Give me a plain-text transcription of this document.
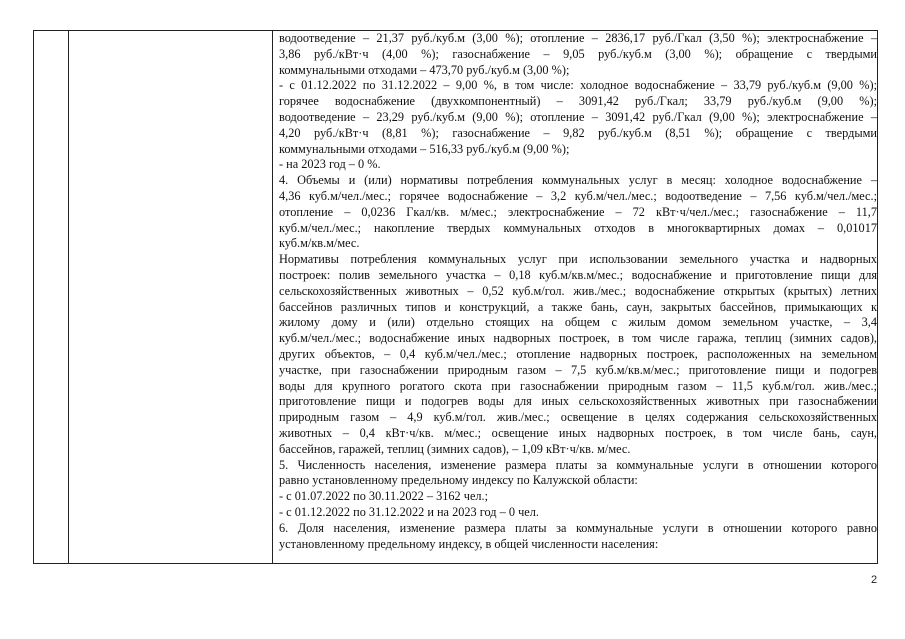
водоотведение – 21,37 руб./куб.м (3,00 %); отопление – 2836,17 руб./Гкал (3,50 %); электроснабжение –
3,86 руб./кВт·ч (4,00 %); газоснабжение – 9,05 руб./куб.м (3,00 %); обращение с твердыми
коммунальными отходами – 473,70 руб./куб.м (3,00 %);
- с 01.12.2022 по 31.12.2022 – 9,00 %, в том числе: холодное водоснабжение – 33,79 руб./куб.м (9,00 %);
горячее водоснабжение (двухкомпонентный) – 3091,42 руб./Гкал; 33,79 руб./куб.м (9,00 %);
водоотведение – 23,29 руб./куб.м (9,00 %); отопление – 3091,42 руб./Гкал (9,00 %); электроснабжение –
4,20 руб./кВт·ч (8,81 %); газоснабжение – 9,82 руб./куб.м (8,51 %); обращение с твердыми
коммунальными отходами – 516,33 руб./куб.м (9,00 %);
- на 2023 год – 0 %.
4. Объемы и (или) нормативы потребления коммунальных услуг в месяц: холодное водоснабжение –
4,36 куб.м/чел./мес.; горячее водоснабжение – 3,2 куб.м/чел./мес.; водоотведение – 7,56 куб.м/чел./мес.;
отопление – 0,0236 Гкал/кв. м/мес.; электроснабжение – 72 кВт·ч/чел./мес.; газоснабжение – 11,7
куб.м/чел./мес.; накопление твердых коммунальных отходов в многоквартирных домах – 0,01017
куб.м/кв.м/мес.
Нормативы потребления коммунальных услуг при использовании земельного участка и надворных
построек: полив земельного участка – 0,18 куб.м/кв.м/мес.; водоснабжение и приготовление пищи для
сельскохозяйственных животных – 0,52 куб.м/гол. жив./мес.; водоснабжение открытых (крытых) летних
бассейнов различных типов и конструкций, а также бань, саун, закрытых бассейнов, примыкающих к
жилому дому и (или) отдельно стоящих на общем с жилым домом земельном участке, – 3,4
куб.м/чел./мес.; водоснабжение иных надворных построек, в том числе гаража, теплиц (зимних садов),
других объектов, – 0,4 куб.м/чел./мес.; отопление надворных построек, расположенных на земельном
участке, при газоснабжении природным газом – 7,5 куб.м/кв.м/мес.; приготовление пищи и подогрев
воды для крупного рогатого скота при газоснабжении природным газом – 11,5 куб.м/гол. жив./мес.;
приготовление пищи и подогрев воды для иных сельскохозяйственных животных при газоснабжении
природным газом – 4,9 куб.м/гол. жив./мес.; освещение в целях содержания сельскохозяйственных
животных – 0,4 кВт·ч/кв. м/мес.; освещение иных надворных построек, в том числе бань, саун,
бассейнов, гаражей, теплиц (зимних садов), – 1,09 кВт·ч/кв. м/мес.
5. Численность населения, изменение размера платы за коммунальные услуги в отношении которого
равно установленному предельному индексу по Калужской области:
- с 01.07.2022 по 30.11.2022 – 3162 чел.;
- с 01.12.2022 по 31.12.2022 и на 2023 год – 0 чел.
6. Доля населения, изменение размера платы за коммунальные услуги в отношении которого равно
установленному предельному индексу, в общей численности населения:
2
